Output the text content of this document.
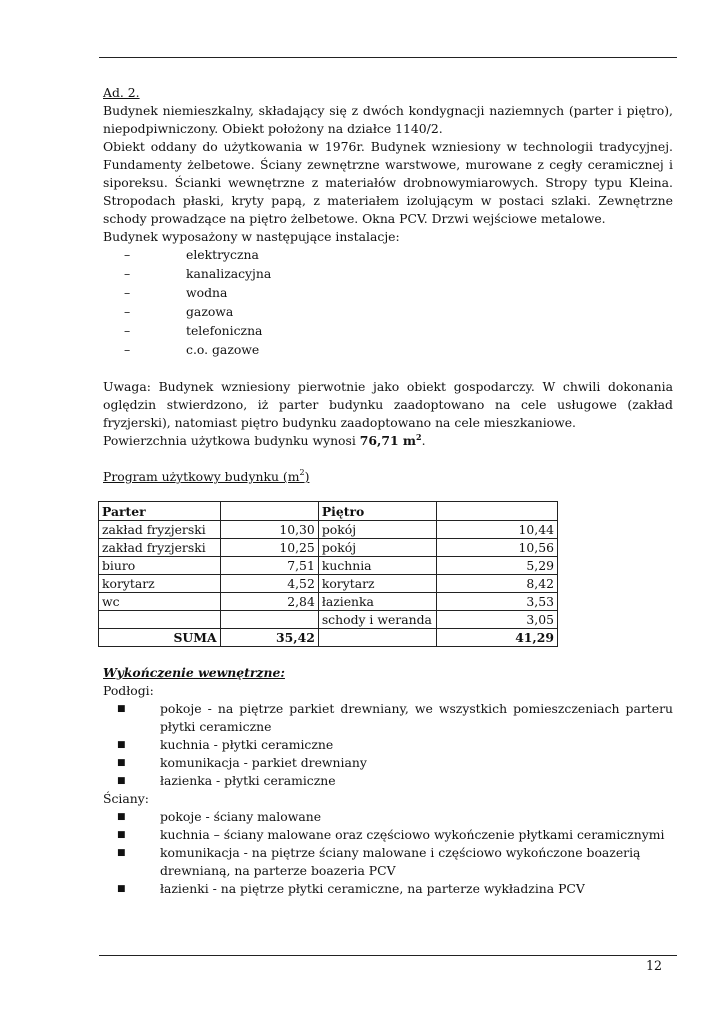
Ad. 2.

Budynek niemieszkalny, składający się z dwóch kondygnacji naziemnych (parter i piętro), niepodpiwniczony. Obiekt położony na działce 1140/2.

Obiekt oddany do użytkowania w 1976r. Budynek wzniesiony w technologii tradycyjnej. Fundamenty żelbetowe. Ściany zewnętrzne warstwowe, murowane z cegły ceramicznej i siporeksu. Ścianki wewnętrzne z materiałów drobnowymiarowych. Stropy typu Kleina. Stropodach płaski, kryty papą, z materiałem izolującym w postaci szlaki. Zewnętrzne schody prowadzące na piętro żelbetowe. Okna PCV. Drzwi wejściowe metalowe.

Budynek wyposażony w następujące instalacje:

–	elektryczna
–	kanalizacyjna
–	wodna
–	gazowa
–	telefoniczna
–	c.o. gazowe

Uwaga: Budynek wzniesiony pierwotnie jako obiekt gospodarczy. W chwili dokonania oględzin stwierdzono, iż parter budynku zaadoptowano na cele usługowe (zakład fryzjerski), natomiast piętro budynku zaadoptowano na cele mieszkaniowe.

Powierzchnia użytkowa budynku wynosi 76,71 $m^2$.

Program użytkowy budynku $(m^2)$

Parter		Piętro	
zakład fryzjerski	10,30	pokój	10,44
zakład fryzjerski	10,25	pokój	10,56
biuro	7,51	kuchnia	5,29
korytarz	4,52	korytarz	8,42
wc	2,84	łazienka	3,53
		schody i weranda	3,05
SUMA	35,42		41,29

Wykończenie wewnętrzne:

Podłogi:

■	pokoje - na piętrze parkiet drewniany, we wszystkich pomieszczeniach parteru płytki ceramiczne
■	kuchnia - płytki ceramiczne
■	komunikacja - parkiet drewniany
■	łazienka - płytki ceramiczne

Ściany:

■	pokoje - ściany malowane
■	kuchnia – ściany malowane oraz częściowo wykończenie płytkami ceramicznymi
■	komunikacja - na piętrze ściany malowane i częściowo wykończone boazerią drewnianą, na parterze boazeria PCV
■	łazienki - na piętrze płytki ceramiczne, na parterze wykładzina PCV
12
